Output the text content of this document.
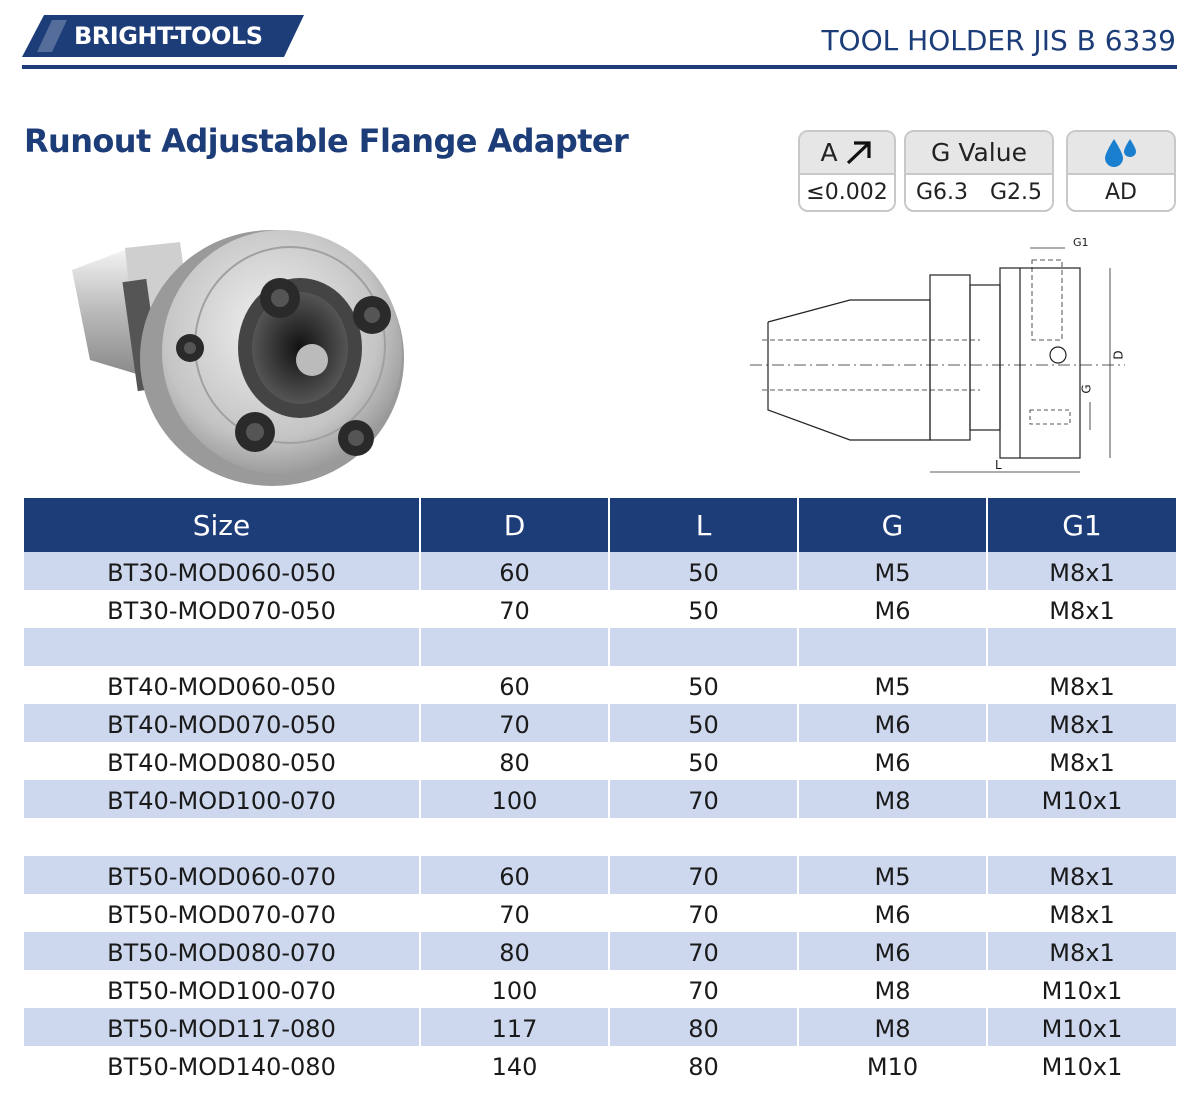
BRIGHT-TOOLS	TOOL HOLDER JIS B 6339
Runout Adjustable Flange Adapter	A
≤0.002
G Value
G6.3 G2.5	AD
G1
D
G
L
Size	D	L	G	G1
BT30-MOD060-050	60	50	M5	M8x1
BT30-MOD070-050	70	50	M6	M8x1

BT40-MOD060-050	60	50	M5	M8x1
BT40-MOD070-050	70	50	M6	M8x1
BT40-MOD080-050	80	50	M6	M8x1
BT40-MOD100-070	100	70	M8	M10x1

BT50-MOD060-070	60	70	M5	M8x1
BT50-MOD070-070	70	70	M6	M8x1
BT50-MOD080-070	80	70	M6	M8x1
BT50-MOD100-070	100	70	M8	M10x1
BT50-MOD117-080	117	80	M8	M10x1
BT50-MOD140-080	140	80	M10	M10x1
